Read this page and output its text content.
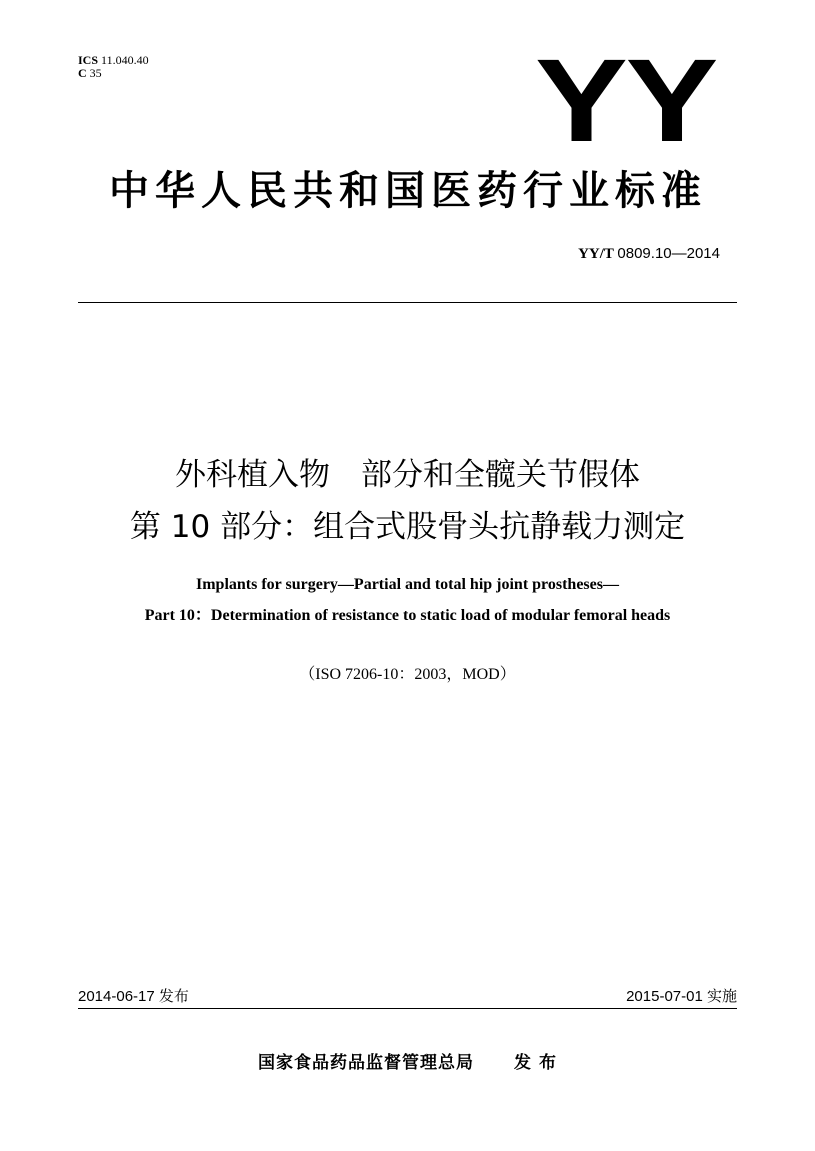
ICS 11.040.40
C 35	YY
中华人民共和国医药行业标准
YY/T 0809.10—2014
外科植入物　部分和全髋关节假体
第 10 部分：组合式股骨头抗静载力测定
Implants for surgery—Partial and total hip joint prostheses—
Part 10：Determination of resistance to static load of modular femoral heads
（ISO 7206-10：2003，MOD）
2014-06-17 发布	2015-07-01 实施
国家食品药品监督管理总局 发 布
